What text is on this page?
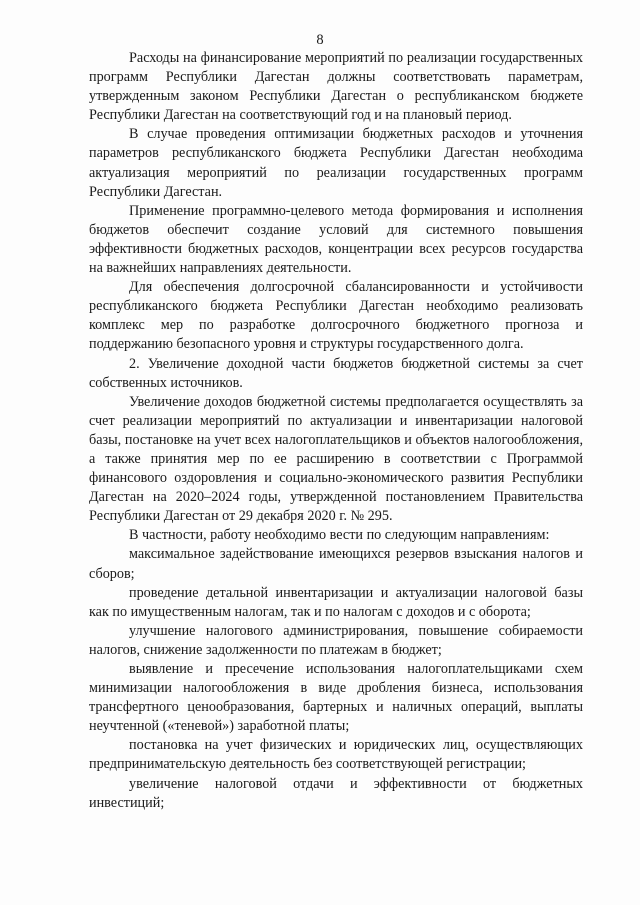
8

Расходы на финансирование мероприятий по реализации государственных программ Республики Дагестан должны соответствовать параметрам, утвержденным законом Республики Дагестан о республиканском бюджете Республики Дагестан на соответствующий год и на плановый период.

В случае проведения оптимизации бюджетных расходов и уточнения параметров республиканского бюджета Республики Дагестан необходима актуализация мероприятий по реализации государственных программ Республики Дагестан.

Применение программно-целевого метода формирования и исполнения бюджетов обеспечит создание условий для системного повышения эффективности бюджетных расходов, концентрации всех ресурсов государства на важнейших направлениях деятельности.

Для обеспечения долгосрочной сбалансированности и устойчивости республиканского бюджета Республики Дагестан необходимо реализовать комплекс мер по разработке долгосрочного бюджетного прогноза и поддержанию безопасного уровня и структуры государственного долга.

2. Увеличение доходной части бюджетов бюджетной системы за счет собственных источников.

Увеличение доходов бюджетной системы предполагается осуществлять за счет реализации мероприятий по актуализации и инвентаризации налоговой базы, постановке на учет всех налогоплательщиков и объектов налогообложения, а также принятия мер по ее расширению в соответствии с Программой финансового оздоровления и социально-экономического развития Республики Дагестан на 2020–2024 годы, утвержденной постановлением Правительства Республики Дагестан от 29 декабря 2020 г. № 295.

В частности, работу необходимо вести по следующим направлениям:

максимальное задействование имеющихся резервов взыскания налогов и сборов;

проведение детальной инвентаризации и актуализации налоговой базы как по имущественным налогам, так и по налогам с доходов и с оборота;

улучшение налогового администрирования, повышение собираемости налогов, снижение задолженности по платежам в бюджет;

выявление и пресечение использования налогоплательщиками схем минимизации налогообложения в виде дробления бизнеса, использования трансфертного ценообразования, бартерных и наличных операций, выплаты неучтенной («теневой») заработной платы;

постановка на учет физических и юридических лиц, осуществляющих предпринимательскую деятельность без соответствующей регистрации;

увеличение налоговой отдачи и эффективности от бюджетных инвестиций;
